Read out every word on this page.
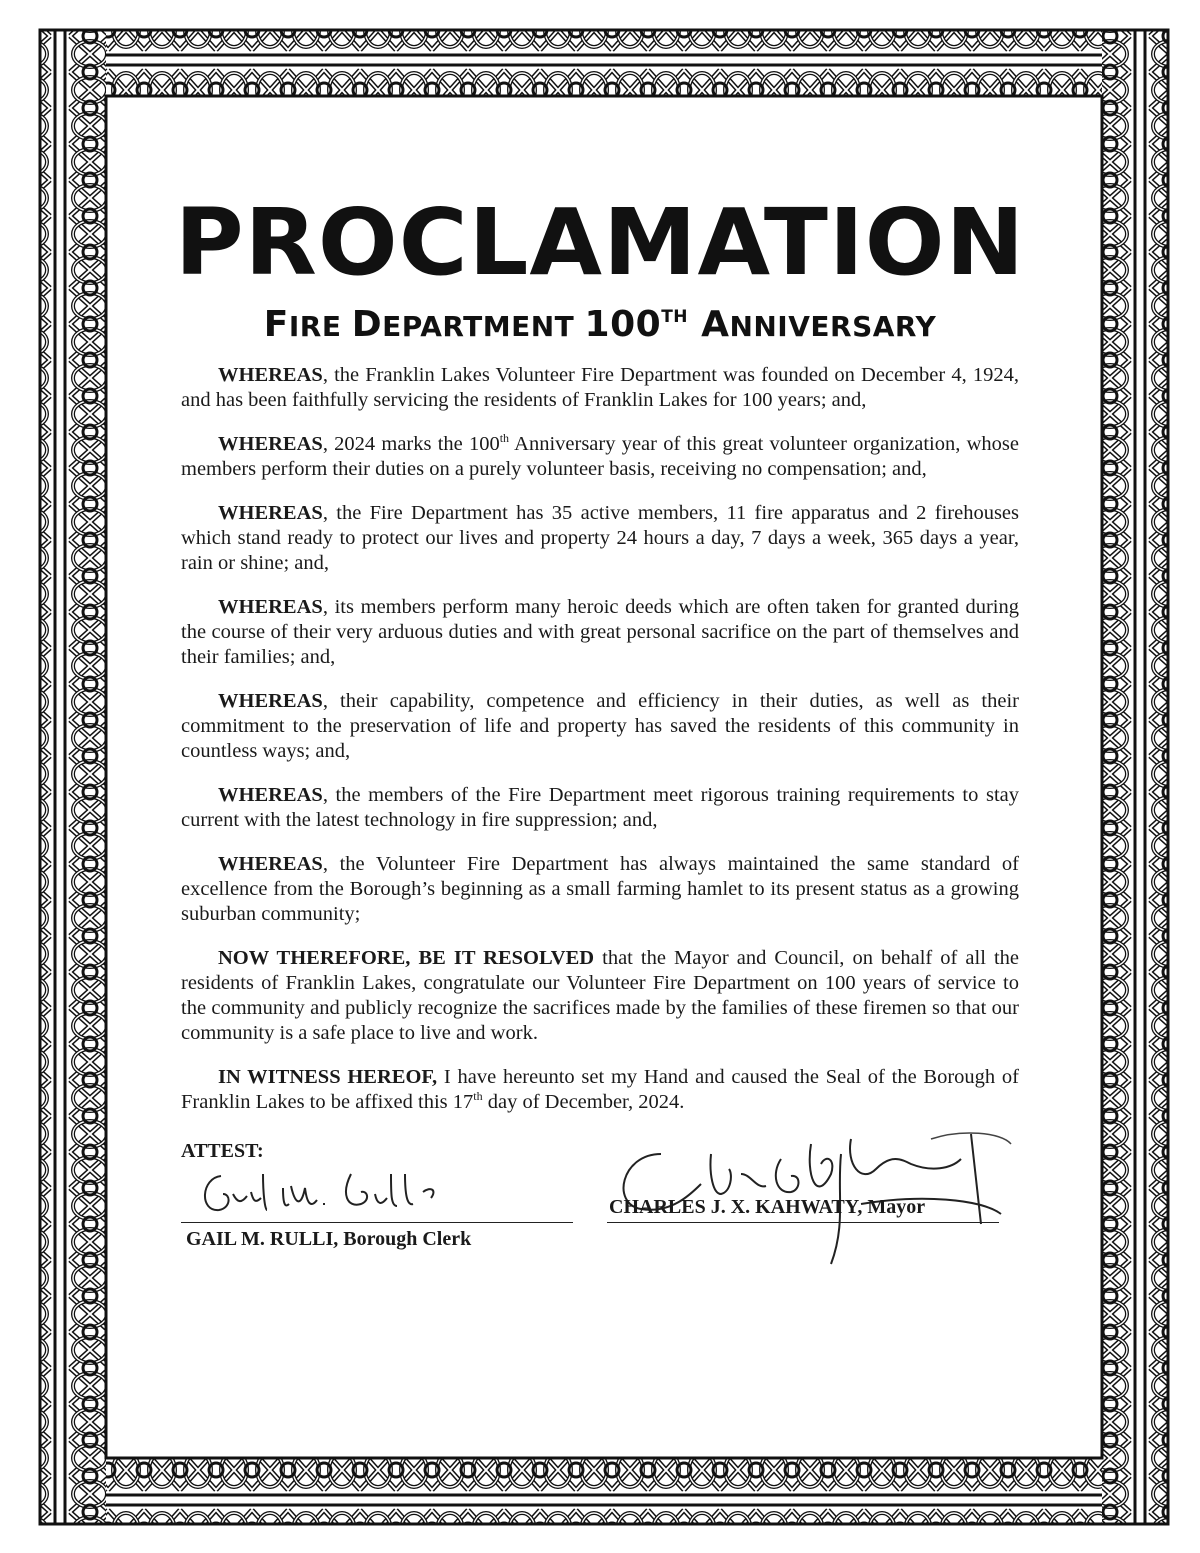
PROCLAMATION
FIRE DEPARTMENT 100TH ANNIVERSARY

WHEREAS, the Franklin Lakes Volunteer Fire Department was founded on December 4, 1924, and has been faithfully servicing the residents of Franklin Lakes for 100 years; and,

WHEREAS, 2024 marks the 100th Anniversary year of this great volunteer organization, whose members perform their duties on a purely volunteer basis, receiving no compensation; and,

WHEREAS, the Fire Department has 35 active members, 11 fire apparatus and 2 firehouses which stand ready to protect our lives and property 24 hours a day, 7 days a week, 365 days a year, rain or shine; and,

WHEREAS, its members perform many heroic deeds which are often taken for granted during the course of their very arduous duties and with great personal sacrifice on the part of themselves and their families; and,

WHEREAS, their capability, competence and efficiency in their duties, as well as their commitment to the preservation of life and property has saved the residents of this community in countless ways; and,

WHEREAS, the members of the Fire Department meet rigorous training requirements to stay current with the latest technology in fire suppression; and,

WHEREAS, the Volunteer Fire Department has always maintained the same standard of excellence from the Borough’s beginning as a small farming hamlet to its present status as a growing suburban community;

NOW THEREFORE, BE IT RESOLVED that the Mayor and Council, on behalf of all the residents of Franklin Lakes, congratulate our Volunteer Fire Department on 100 years of service to the community and publicly recognize the sacrifices made by the families of these firemen so that our community is a safe place to live and work.

IN WITNESS HEREOF, I have hereunto set my Hand and caused the Seal of the Borough of Franklin Lakes to be affixed this 17th day of December, 2024.

ATTEST:
GAIL M. RULLI, Borough Clerk
CHARLES J. X. KAHWATY, Mayor
